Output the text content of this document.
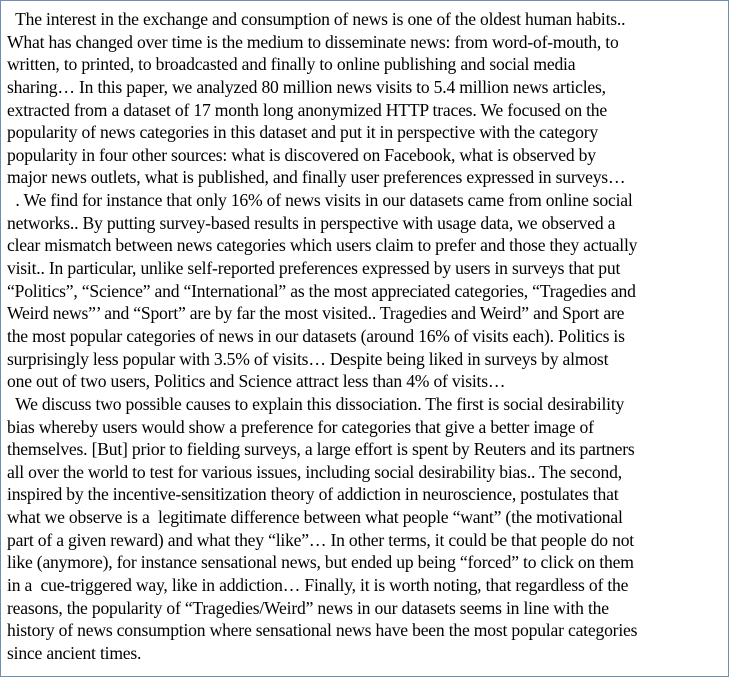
The interest in the exchange and consumption of news is one of the oldest human habits..
What has changed over time is the medium to disseminate news: from word-of-mouth, to
written, to printed, to broadcasted and finally to online publishing and social media
sharing… In this paper, we analyzed 80 million news visits to 5.4 million news articles,
extracted from a dataset of 17 month long anonymized HTTP traces. We focused on the
popularity of news categories in this dataset and put it in perspective with the category
popularity in four other sources: what is discovered on Facebook, what is observed by
major news outlets, what is published, and finally user preferences expressed in surveys…
. We find for instance that only 16% of news visits in our datasets came from online social
networks.. By putting survey-based results in perspective with usage data, we observed a
clear mismatch between news categories which users claim to prefer and those they actually
visit.. In particular, unlike self-reported preferences expressed by users in surveys that put
“Politics”, “Science” and “International” as the most appreciated categories, “Tragedies and
Weird news”’ and “Sport” are by far the most visited.. Tragedies and Weird” and Sport are
the most popular categories of news in our datasets (around 16% of visits each). Politics is
surprisingly less popular with 3.5% of visits… Despite being liked in surveys by almost
one out of two users, Politics and Science attract less than 4% of visits…
We discuss two possible causes to explain this dissociation. The first is social desirability
bias whereby users would show a preference for categories that give a better image of
themselves. [But] prior to fielding surveys, a large effort is spent by Reuters and its partners
all over the world to test for various issues, including social desirability bias.. The second,
inspired by the incentive-sensitization theory of addiction in neuroscience, postulates that
what we observe is a  legitimate difference between what people “want” (the motivational
part of a given reward) and what they “like”… In other terms, it could be that people do not
like (anymore), for instance sensational news, but ended up being “forced” to click on them
in a  cue-triggered way, like in addiction… Finally, it is worth noting, that regardless of the
reasons, the popularity of “Tragedies/Weird” news in our datasets seems in line with the
history of news consumption where sensational news have been the most popular categories
since ancient times.
